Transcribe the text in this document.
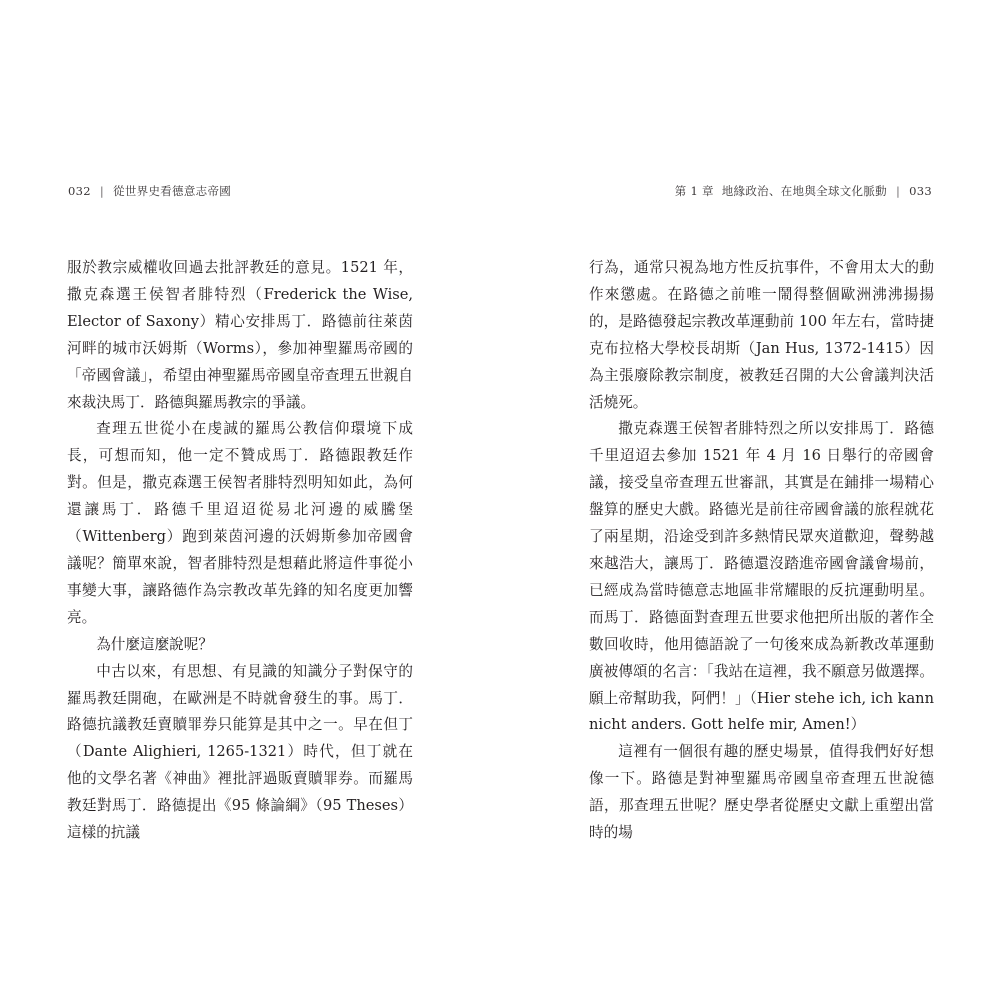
032 | 從世界史看德意志帝國

服於教宗威權收回過去批評教廷的意見。1521 年，撒克森選王侯智者腓特烈（Frederick the Wise, Elector of Saxony）精心安排馬丁．路德前往萊茵河畔的城市沃姆斯（Worms），參加神聖羅馬帝國的「帝國會議」，希望由神聖羅馬帝國皇帝查理五世親自來裁決馬丁．路德與羅馬教宗的爭議。

查理五世從小在虔誠的羅馬公教信仰環境下成長，可想而知，他一定不贊成馬丁．路德跟教廷作對。但是，撒克森選王侯智者腓特烈明知如此，為何還讓馬丁．路德千里迢迢從易北河邊的威騰堡（Wittenberg）跑到萊茵河邊的沃姆斯參加帝國會議呢？簡單來說，智者腓特烈是想藉此將這件事從小事變大事，讓路德作為宗教改革先鋒的知名度更加響亮。

為什麼這麼說呢？

中古以來，有思想、有見識的知識分子對保守的羅馬教廷開砲，在歐洲是不時就會發生的事。馬丁．路德抗議教廷賣贖罪券只能算是其中之一。早在但丁（Dante Alighieri, 1265-1321）時代，但丁就在他的文學名著《神曲》裡批評過販賣贖罪券。而羅馬教廷對馬丁．路德提出《95 條論綱》（95 Theses）這樣的抗議

第 1 章 地緣政治、在地與全球文化脈動 | 033

行為，通常只視為地方性反抗事件，不會用太大的動作來懲處。在路德之前唯一鬧得整個歐洲沸沸揚揚的，是路德發起宗教改革運動前 100 年左右，當時捷克布拉格大學校長胡斯（Jan Hus, 1372-1415）因為主張廢除教宗制度，被教廷召開的大公會議判決活活燒死。

撒克森選王侯智者腓特烈之所以安排馬丁．路德千里迢迢去參加 1521 年 4 月 16 日舉行的帝國會議，接受皇帝查理五世審訊，其實是在鋪排一場精心盤算的歷史大戲。路德光是前往帝國會議的旅程就花了兩星期，沿途受到許多熱情民眾夾道歡迎，聲勢越來越浩大，讓馬丁．路德還沒踏進帝國會議會場前，已經成為當時德意志地區非常耀眼的反抗運動明星。而馬丁．路德面對查理五世要求他把所出版的著作全數回收時，他用德語說了一句後來成為新教改革運動廣被傳頌的名言：「我站在這裡，我不願意另做選擇。願上帝幫助我，阿們！」（Hier stehe ich, ich kann nicht anders. Gott helfe mir, Amen!）

這裡有一個很有趣的歷史場景，值得我們好好想像一下。路德是對神聖羅馬帝國皇帝查理五世說德語，那查理五世呢？歷史學者從歷史文獻上重塑出當時的場
